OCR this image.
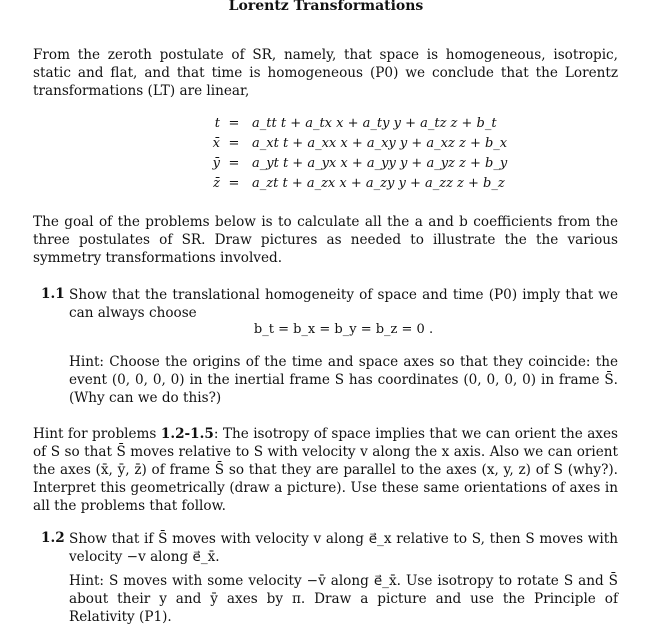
Lorentz Transformations
From the zeroth postulate of SR, namely, that space is homogeneous, isotropic, static and flat, and that time is homogeneous (P0) we conclude that the Lorentz transformations (LT) are linear,
t = a_tt t + a_tx x + a_ty y + a_tz z + b_t
x̄ = a_xt t + a_xx x + a_xy y + a_xz z + b_x
ȳ = a_yt t + a_yx x + a_yy y + a_yz z + b_y
z̄ = a_zt t + a_zx x + a_zy y + a_zz z + b_z
The goal of the problems below is to calculate all the a and b coefficients from the three postulates of SR. Draw pictures as needed to illustrate the the various symmetry transformations involved.
1.1 Show that the translational homogeneity of space and time (P0) imply that we can always choose
b_t = b_x = b_y = b_z = 0 .
Hint: Choose the origins of the time and space axes so that they coincide: the event (0, 0, 0, 0) in the inertial frame S has coordinates (0, 0, 0, 0) in frame S̄. (Why can we do this?)
Hint for problems 1.2-1.5: The isotropy of space implies that we can orient the axes of S so that S̄ moves relative to S with velocity v along the x axis. Also we can orient the axes (x̄, ȳ, z̄) of frame S̄ so that they are parallel to the axes (x, y, z) of S (why?). Interpret this geometrically (draw a picture). Use these same orientations of axes in all the problems that follow.
1.2 Show that if S̄ moves with velocity v along e⃗_x relative to S, then S moves with velocity −v along e⃗_x̄.
Hint: S moves with some velocity −v̄ along e⃗_x̄. Use isotropy to rotate S and S̄ about their y and ȳ axes by π. Draw a picture and use the Principle of Relativity (P1).
